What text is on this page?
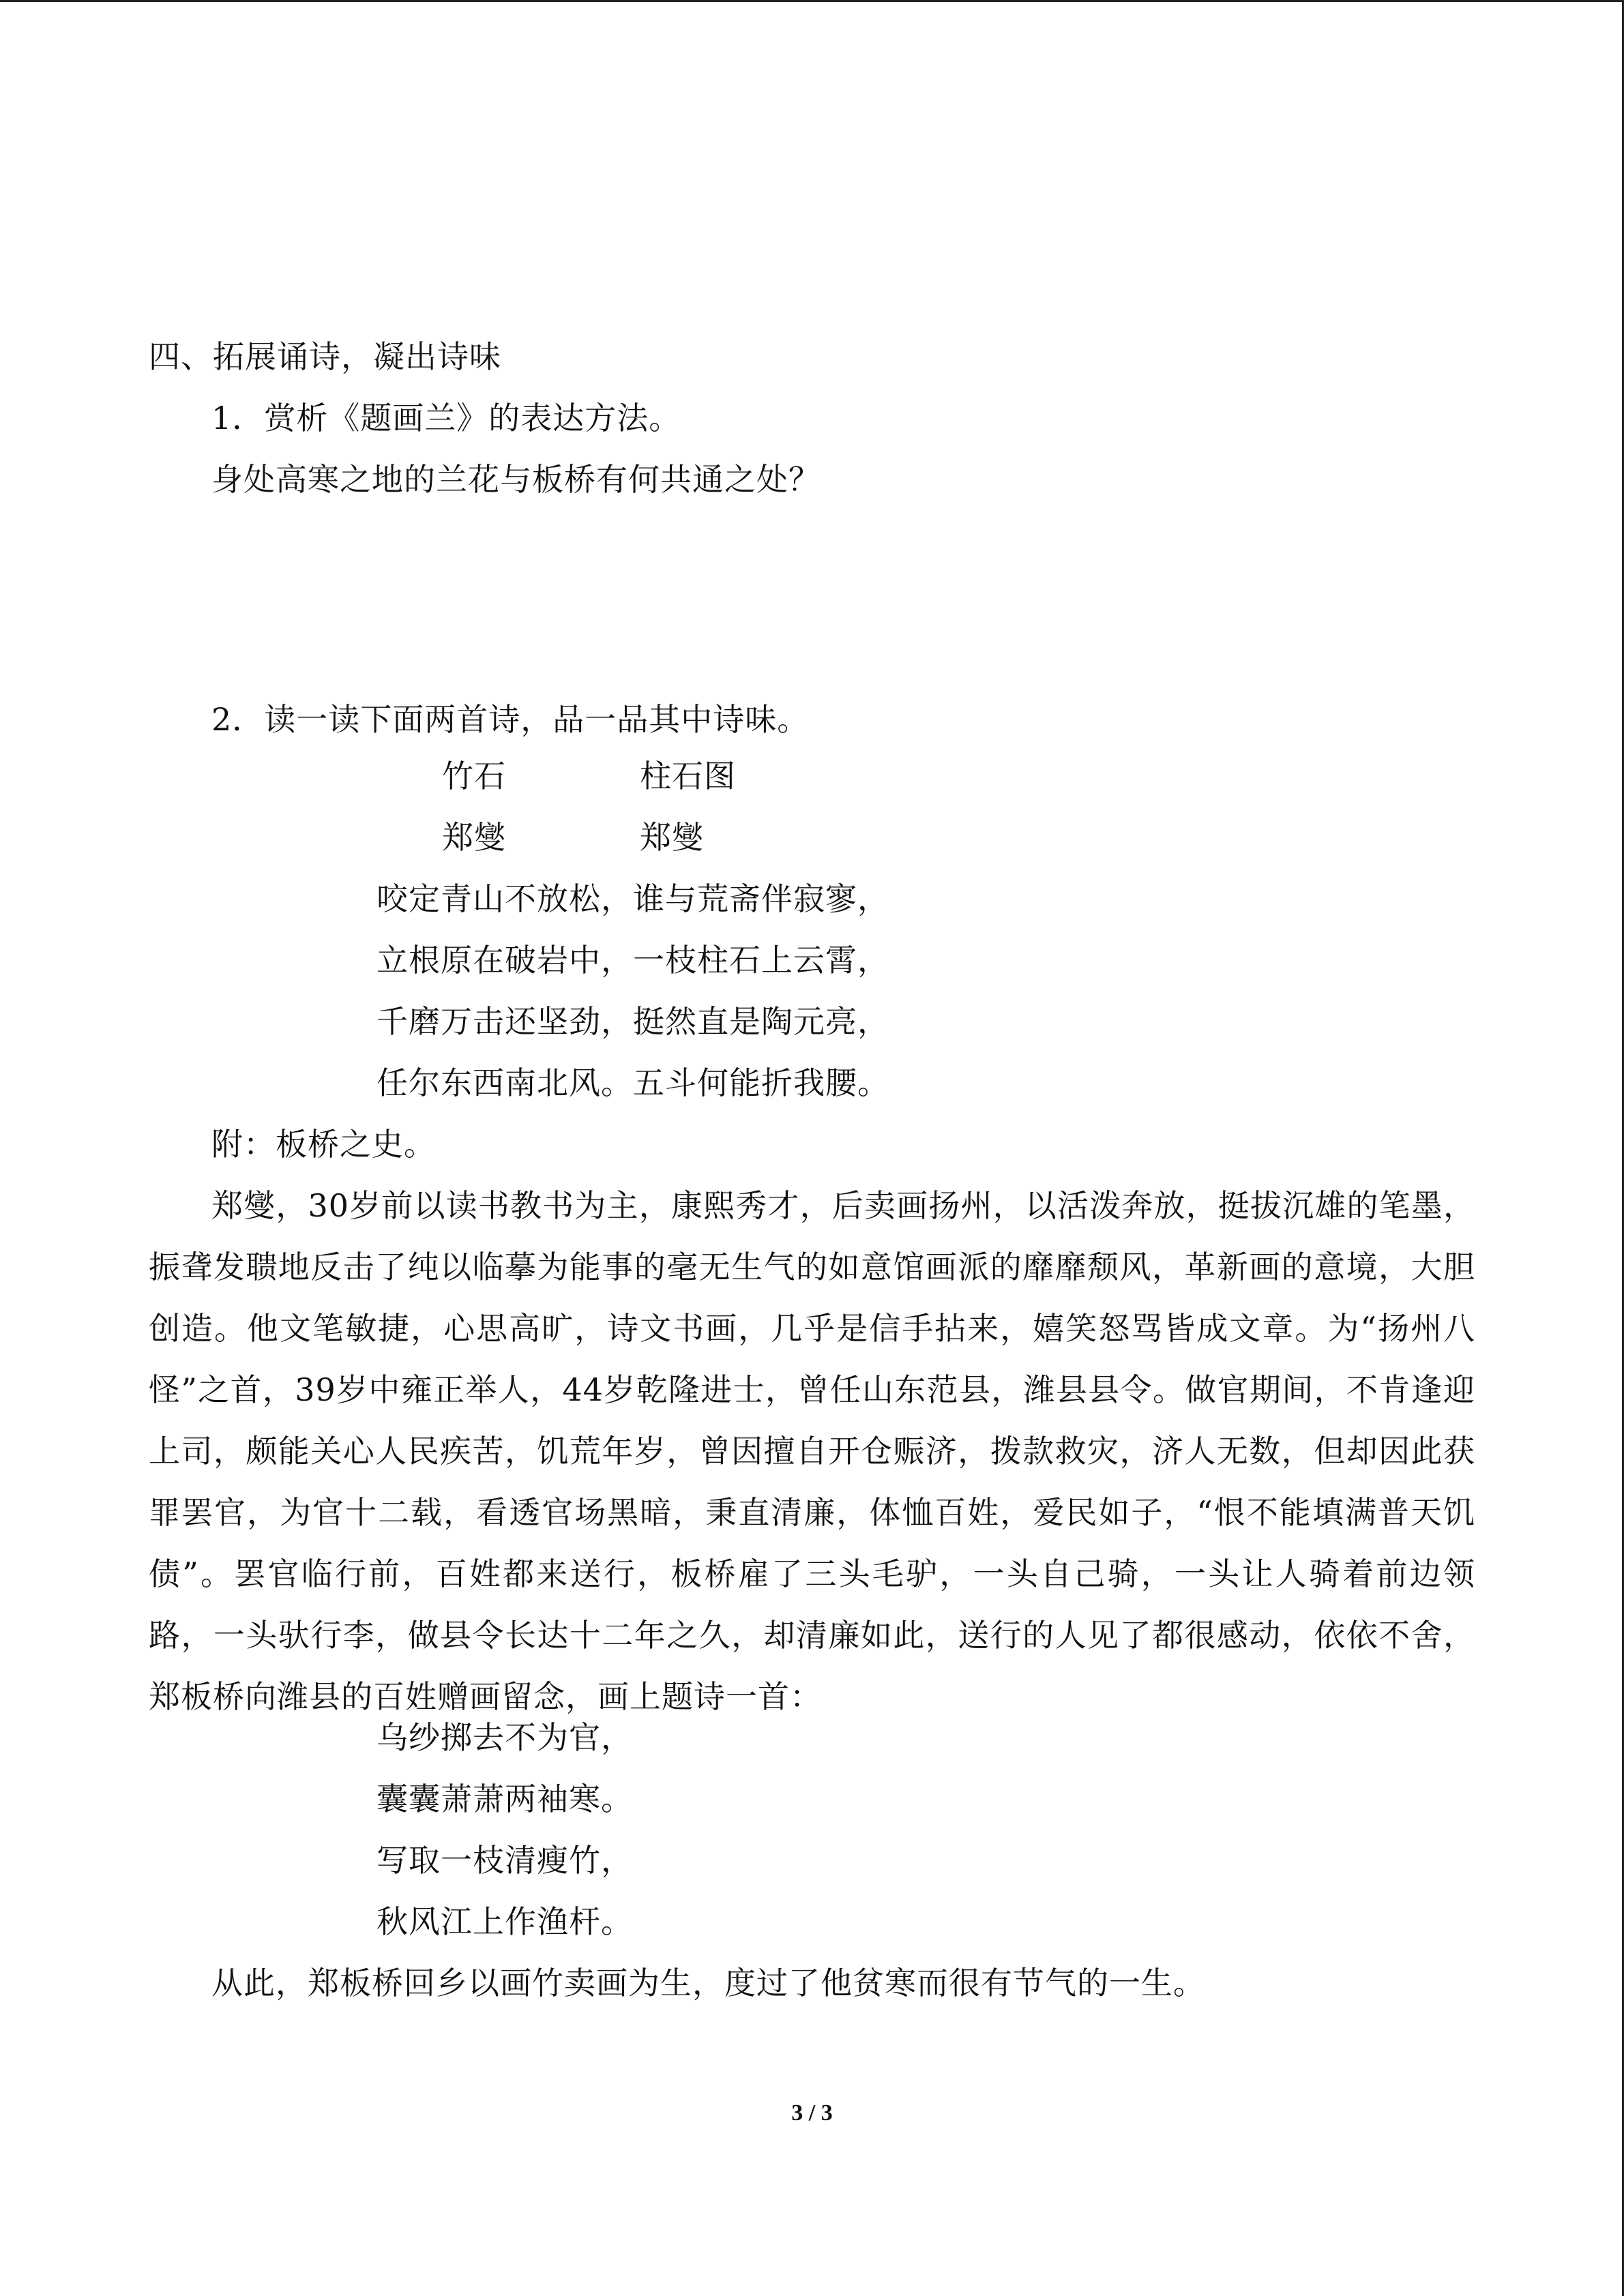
四、拓展诵诗，凝出诗味
1．赏析《题画兰》的表达方法。
身处高寒之地的兰花与板桥有何共通之处？
2．读一读下面两首诗，品一品其中诗味。
竹石	柱石图
郑燮	郑燮
咬定青山不放松，谁与荒斋伴寂寥，
立根原在破岩中，一枝柱石上云霄，
千磨万击还坚劲，挺然直是陶元亮，
任尔东西南北风。五斗何能折我腰。
附：板桥之史。
郑燮，30岁前以读书教书为主，康熙秀才，后卖画扬州，以活泼奔放，挺拔沉雄的笔墨，振聋发聩地反击了纯以临摹为能事的毫无生气的如意馆画派的靡靡颓风，革新画的意境，大胆创造。他文笔敏捷，心思高旷，诗文书画，几乎是信手拈来，嬉笑怒骂皆成文章。为“扬州八怪”之首，39岁中雍正举人，44岁乾隆进士，曾任山东范县，潍县县令。做官期间，不肯逢迎上司，颇能关心人民疾苦，饥荒年岁，曾因擅自开仓赈济，拨款救灾，济人无数，但却因此获罪罢官，为官十二载，看透官场黑暗，秉直清廉，体恤百姓，爱民如子，“恨不能填满普天饥债”。罢官临行前，百姓都来送行，板桥雇了三头毛驴，一头自己骑，一头让人骑着前边领路，一头驮行李，做县令长达十二年之久，却清廉如此，送行的人见了都很感动，依依不舍，郑板桥向潍县的百姓赠画留念，画上题诗一首：
乌纱掷去不为官，
囊囊萧萧两袖寒。
写取一枝清瘦竹，
秋风江上作渔杆。
从此，郑板桥回乡以画竹卖画为生，度过了他贫寒而很有节气的一生。
3 / 3
